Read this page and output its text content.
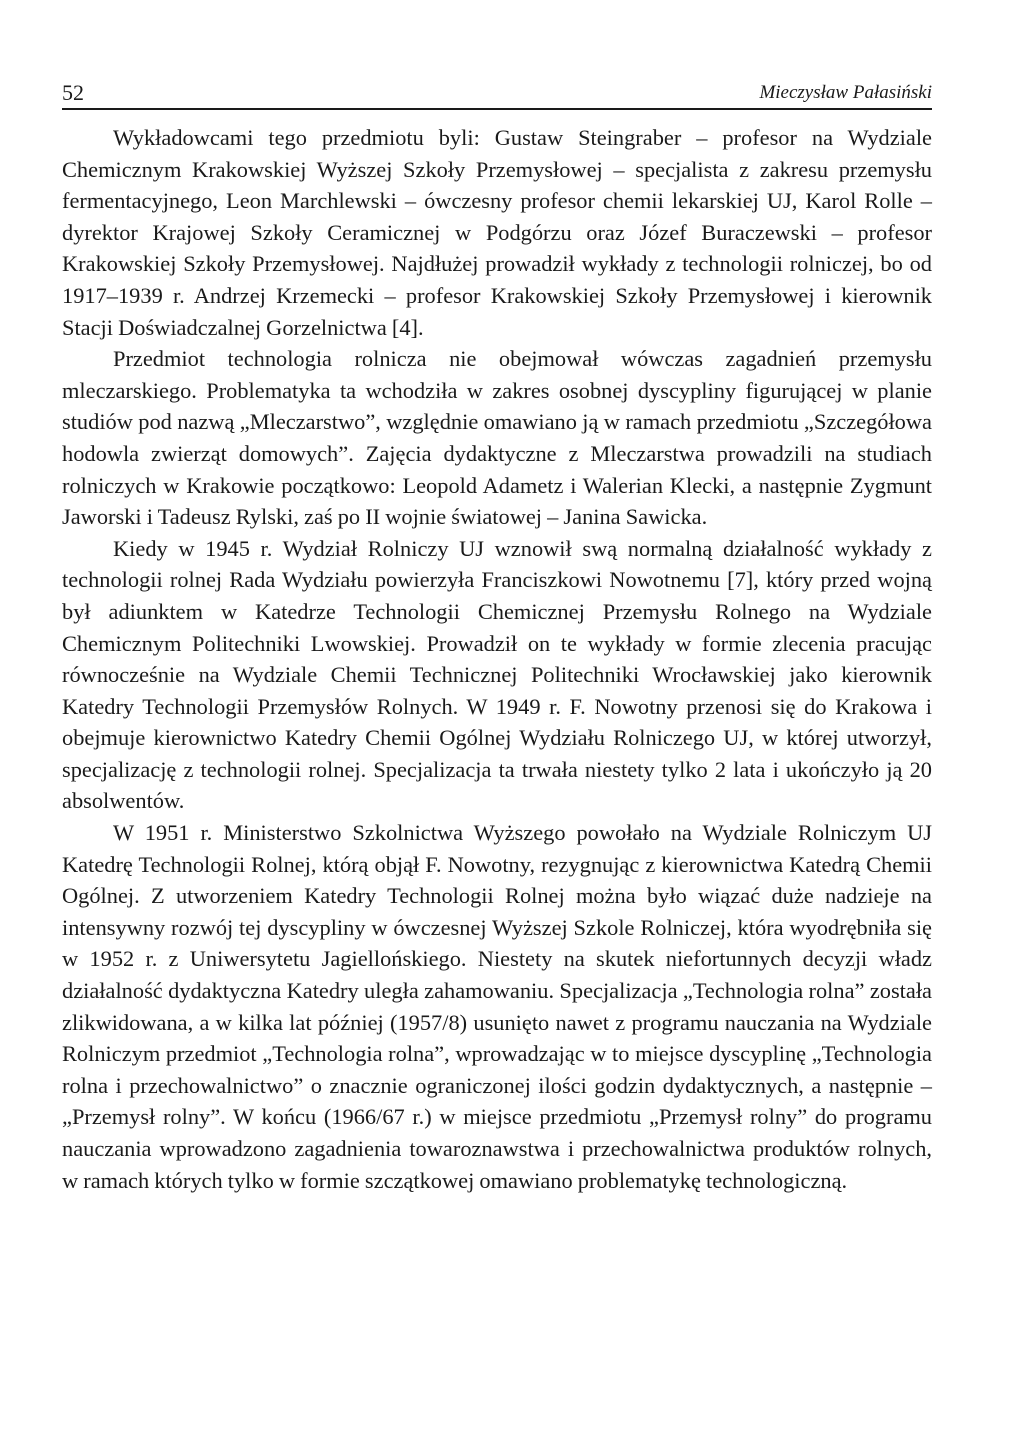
52	Mieczysław Pałasiński

Wykładowcami tego przedmiotu byli: Gustaw Steingraber – profesor na Wydziale Chemicznym Krakowskiej Wyższej Szkoły Przemysłowej – specjalista z zakresu przemysłu fermentacyjnego, Leon Marchlewski – ówczesny profesor chemii lekarskiej UJ, Karol Rolle – dyrektor Krajowej Szkoły Ceramicznej w Podgórzu oraz Józef Buraczewski – profesor Krakowskiej Szkoły Przemysłowej. Najdłużej prowadził wykłady z technologii rolniczej, bo od 1917–1939 r. Andrzej Krzemecki – profesor Krakowskiej Szkoły Przemysłowej i kierownik Stacji Doświadczalnej Gorzelnictwa [4].

Przedmiot technologia rolnicza nie obejmował wówczas zagadnień przemysłu mleczarskiego. Problematyka ta wchodziła w zakres osobnej dyscypliny figurującej w planie studiów pod nazwą „Mleczarstwo”, względnie omawiano ją w ramach przedmiotu „Szczegółowa hodowla zwierząt domowych”. Zajęcia dydaktyczne z Mleczarstwa prowadzili na studiach rolniczych w Krakowie początkowo: Leopold Adametz i Walerian Klecki, a następnie Zygmunt Jaworski i Tadeusz Rylski, zaś po II wojnie światowej – Janina Sawicka.

Kiedy w 1945 r. Wydział Rolniczy UJ wznowił swą normalną działalność wykłady z technologii rolnej Rada Wydziału powierzyła Franciszkowi Nowotnemu [7], który przed wojną był adiunktem w Katedrze Technologii Chemicznej Przemysłu Rolnego na Wydziale Chemicznym Politechniki Lwowskiej. Prowadził on te wykłady w formie zlecenia pracując równocześnie na Wydziale Chemii Technicznej Politechniki Wrocławskiej jako kierownik Katedry Technologii Przemysłów Rolnych. W 1949 r. F. Nowotny przenosi się do Krakowa i obejmuje kierownictwo Katedry Chemii Ogólnej Wydziału Rolniczego UJ, w której utworzył, specjalizację z technologii rolnej. Specjalizacja ta trwała niestety tylko 2 lata i ukończyło ją 20 absolwentów.

W 1951 r. Ministerstwo Szkolnictwa Wyższego powołało na Wydziale Rolniczym UJ Katedrę Technologii Rolnej, którą objął F. Nowotny, rezygnując z kierownictwa Katedrą Chemii Ogólnej. Z utworzeniem Katedry Technologii Rolnej można było wiązać duże nadzieje na intensywny rozwój tej dyscypliny w ówczesnej Wyższej Szkole Rolniczej, która wyodrębniła się w 1952 r. z Uniwersytetu Jagiellońskiego. Niestety na skutek niefortunnych decyzji władz działalność dydaktyczna Katedry uległa zahamowaniu. Specjalizacja „Technologia rolna” została zlikwidowana, a w kilka lat później (1957/8) usunięto nawet z programu nauczania na Wydziale Rolniczym przedmiot „Technologia rolna”, wprowadzając w to miejsce dyscyplinę „Technologia rolna i przechowalnictwo” o znacznie ograniczonej ilości godzin dydaktycznych, a następnie – „Przemysł rolny”. W końcu (1966/67 r.) w miejsce przedmiotu „Przemysł rolny” do programu nauczania wprowadzono zagadnienia towaroznawstwa i przechowalnictwa produktów rolnych, w ramach których tylko w formie szczątkowej omawiano problematykę technologiczną.
